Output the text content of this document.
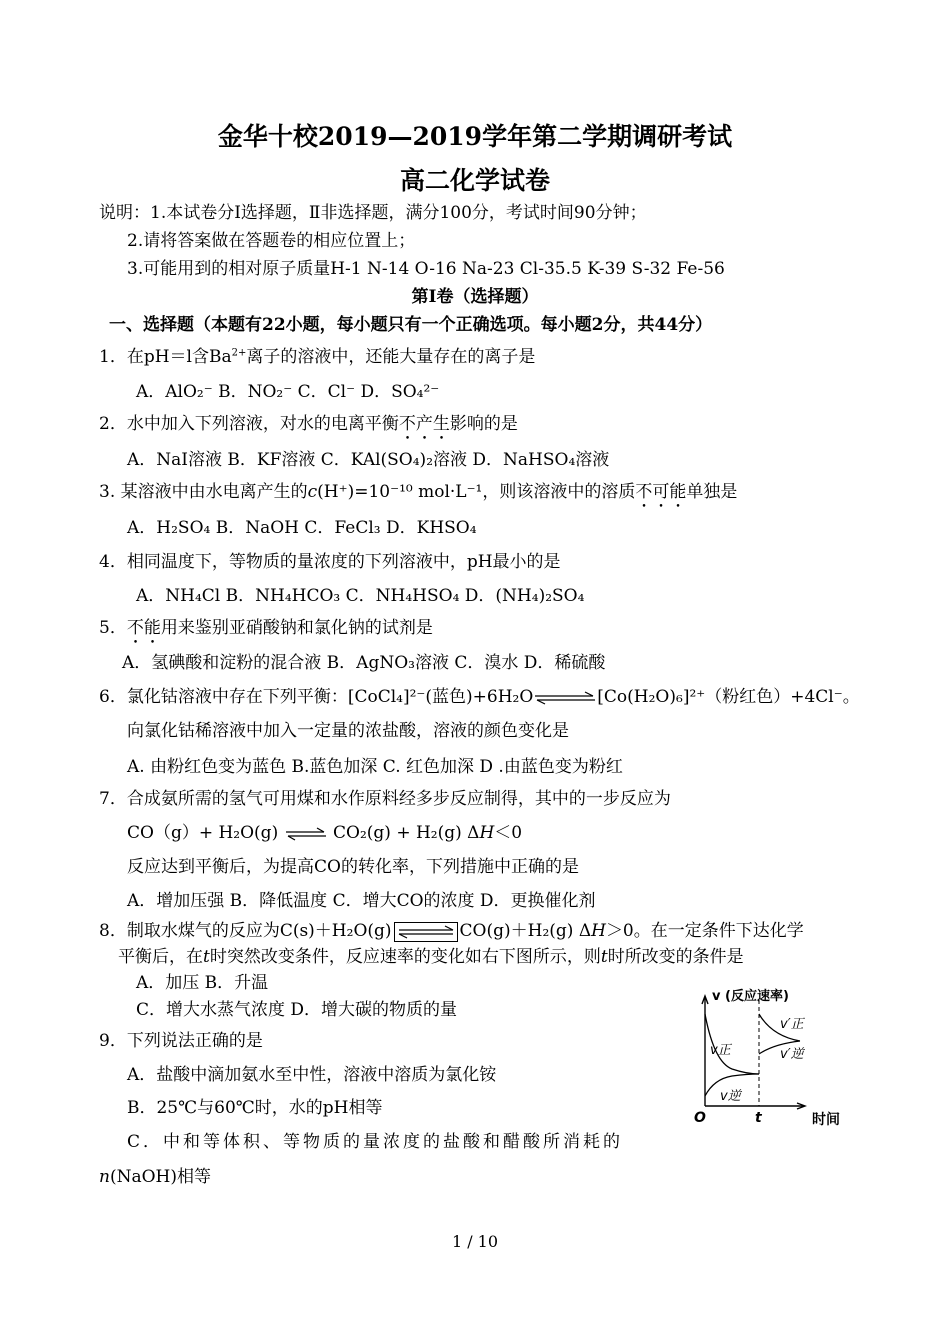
金华十校2019—2019学年第二学期调研考试
高二化学试卷
说明：1.本试卷分Ⅰ选择题，Ⅱ非选择题，满分100分，考试时间90分钟；
2.请将答案做在答题卷的相应位置上；
3.可能用到的相对原子质量H-1 N-14 O-16 Na-23 Cl-35.5 K-39 S-32 Fe-56
第Ⅰ卷（选择题）
一、选择题（本题有22小题，每小题只有一个正确选项。每小题2分，共44分）
1．在pH＝l含$Ba^{2+}$离子的溶液中，还能大量存在的离子是
A．AlO₂⁻ B．NO₂⁻ C．Cl⁻ D．SO₄²⁻
2．水中加入下列溶液，对水的电离平衡不产生影响的是
A．NaI溶液 B．KF溶液 C．KAl(SO₄)₂溶液 D．NaHSO₄溶液
3. 某溶液中由水电离产生的c(H⁺)=10⁻¹⁰ mol·L⁻¹，则该溶液中的溶质不可能单独是
A．H₂SO₄ B．NaOH C．FeCl₃ D．KHSO₄
4．相同温度下，等物质的量浓度的下列溶液中，pH最小的是
A．NH₄Cl B．NH₄HCO₃ C．NH₄HSO₄ D．(NH₄)₂SO₄
5．不能用来鉴别亚硝酸钠和氯化钠的试剂是
A．氢碘酸和淀粉的混合液 B．AgNO₃溶液 C．溴水 D．稀硫酸
6．氯化钴溶液中存在下列平衡：[CoCl₄]²⁻(蓝色)+6H₂O⇌[Co(H₂O)₆]²⁺（粉红色）+4Cl⁻。
向氯化钴稀溶液中加入一定量的浓盐酸，溶液的颜色变化是
A. 由粉红色变为蓝色 B.蓝色加深 C. 红色加深 D .由蓝色变为粉红
7．合成氨所需的氢气可用煤和水作原料经多步反应制得，其中的一步反应为
CO（g）+ H₂O(g) ⇌ CO₂(g) + H₂(g) ΔH＜0
反应达到平衡后，为提高CO的转化率，下列措施中正确的是
A．增加压强 B．降低温度 C．增大CO的浓度 D．更换催化剂
8．制取水煤气的反应为C(s)＋H₂O(g)	CO(g)＋H₂(g) ΔH＞0。在一定条件下达化学
平衡后，在t时突然改变条件，反应速率的变化如右下图所示，则t时所改变的条件是
A．加压 B．升温
C．增大水蒸气浓度 D．增大碳的物质的量
9．下列说法正确的是
A．盐酸中滴加氨水至中性，溶液中溶质为氯化铵
B．25℃与60℃时，水的pH相等
C．中和等体积、等物质的量浓度的盐酸和醋酸所消耗的
n(NaOH)相等
v (反应速率)
v正
v逆
v′正
v′逆
O	t	时间
1 / 10
